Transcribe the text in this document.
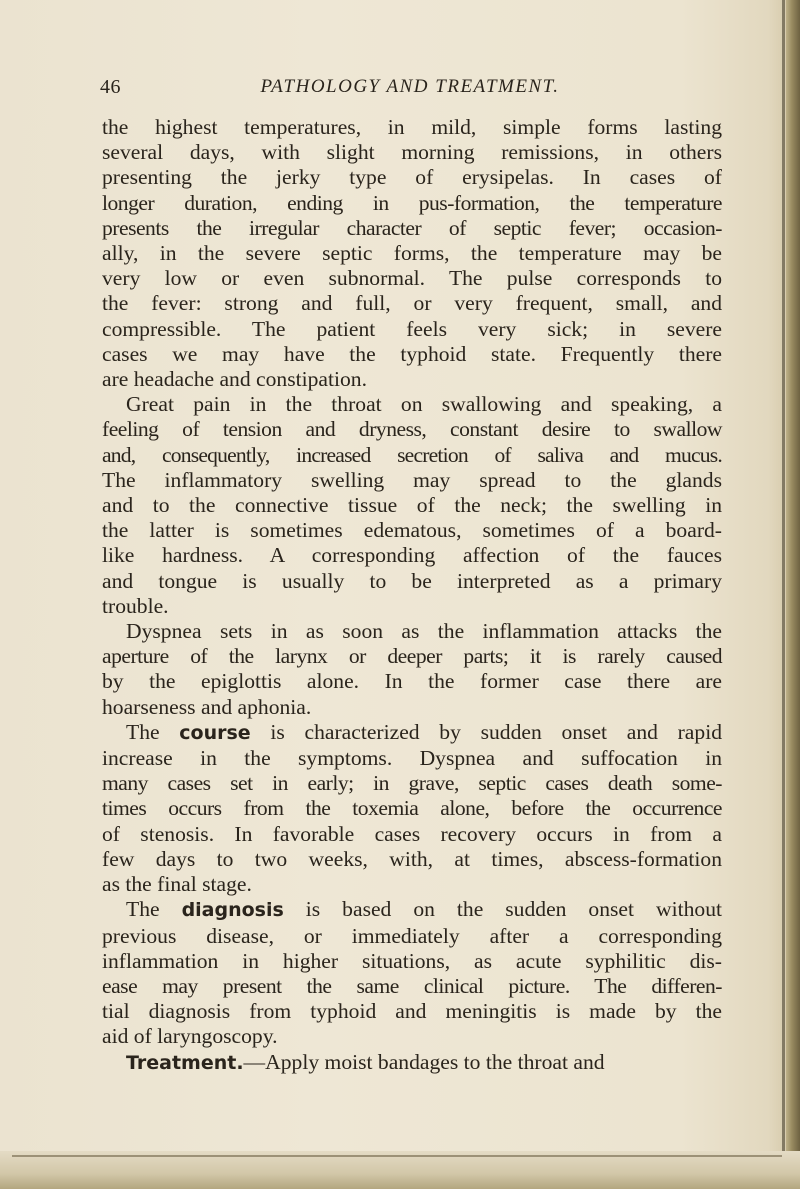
46	PATHOLOGY AND TREATMENT.
the highest temperatures, in mild, simple forms lasting
several days, with slight morning remissions, in others
presenting the jerky type of erysipelas. In cases of
longer duration, ending in pus-formation, the temperature
presents the irregular character of septic fever; occasion-
ally, in the severe septic forms, the temperature may be
very low or even subnormal. The pulse corresponds to
the fever: strong and full, or very frequent, small, and
compressible. The patient feels very sick; in severe
cases we may have the typhoid state. Frequently there
are headache and constipation.
Great pain in the throat on swallowing and speaking, a
feeling of tension and dryness, constant desire to swallow
and, consequently, increased secretion of saliva and mucus.
The inflammatory swelling may spread to the glands
and to the connective tissue of the neck; the swelling in
the latter is sometimes edematous, sometimes of a board-
like hardness. A corresponding affection of the fauces
and tongue is usually to be interpreted as a primary
trouble.
Dyspnea sets in as soon as the inflammation attacks the
aperture of the larynx or deeper parts; it is rarely caused
by the epiglottis alone. In the former case there are
hoarseness and aphonia.
The course is characterized by sudden onset and rapid
increase in the symptoms. Dyspnea and suffocation in
many cases set in early; in grave, septic cases death some-
times occurs from the toxemia alone, before the occurrence
of stenosis. In favorable cases recovery occurs in from a
few days to two weeks, with, at times, abscess-formation
as the final stage.
The diagnosis is based on the sudden onset without
previous disease, or immediately after a corresponding
inflammation in higher situations, as acute syphilitic dis-
ease may present the same clinical picture. The differen-
tial diagnosis from typhoid and meningitis is made by the
aid of laryngoscopy.
Treatment.—Apply moist bandages to the throat and
